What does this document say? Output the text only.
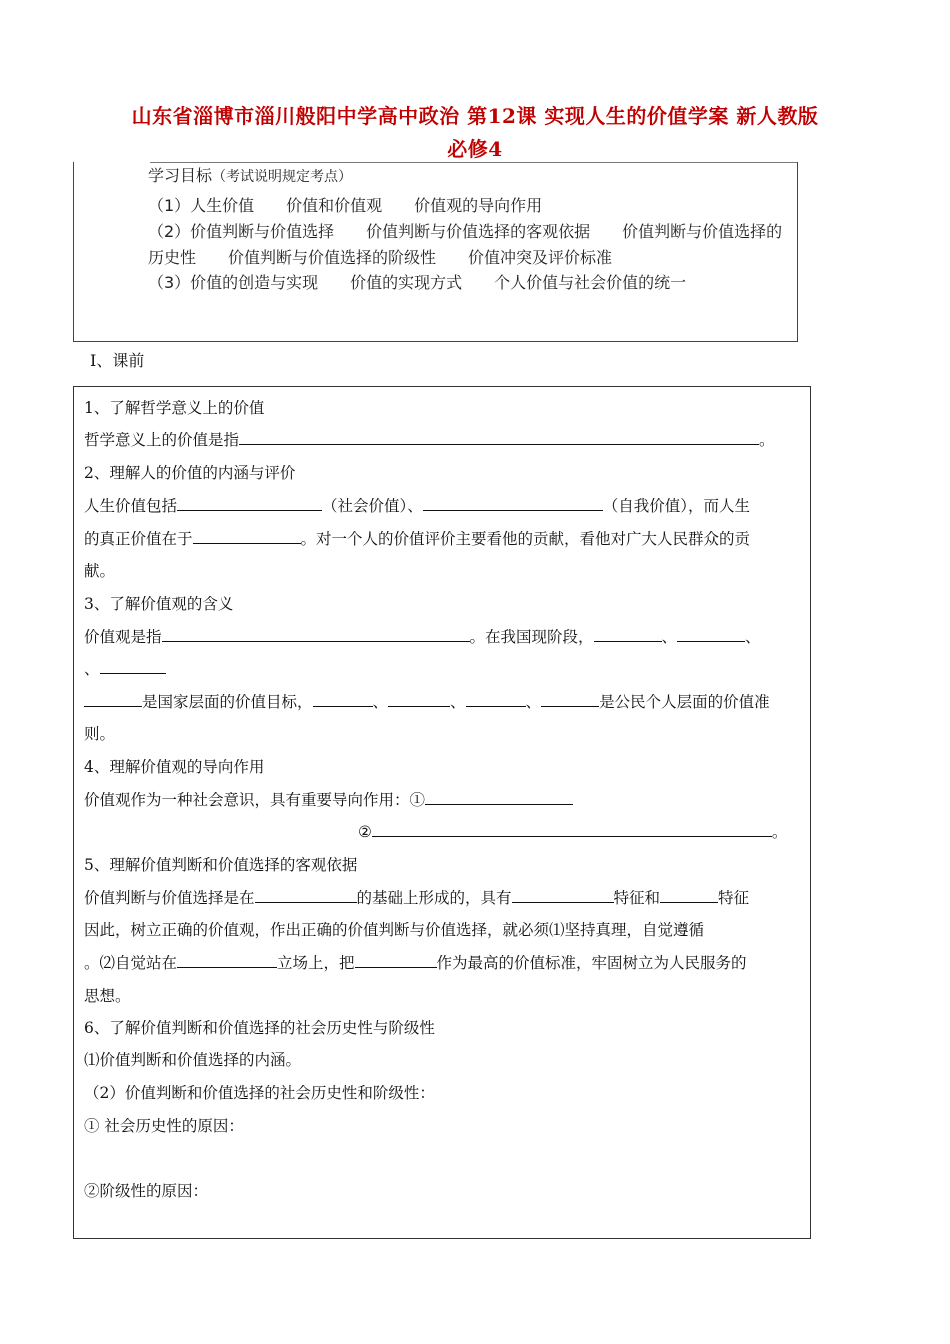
山东省淄博市淄川般阳中学高中政治 第12课 实现人生的价值学案 新人教版
必修4
学习目标（考试说明规定考点）
（1）人生价值　　价值和价值观　　价值观的导向作用
（2）价值判断与价值选择　　价值判断与价值选择的客观依据　　价值判断与价值选择的
历史性　　价值判断与价值选择的阶级性　　价值冲突及评价标准
（3）价值的创造与实现　　价值的实现方式　　个人价值与社会价值的统一
Ⅰ、课前
1、了解哲学意义上的价值
哲学意义上的价值是指	。
2、理解人的价值的内涵与评价
人生价值包括	（社会价值）、	（自我价值），而人生
的真正价值在于	。对一个人的价值评价主要看他的贡献，看他对广大人民群众的贡
献。
3、了解价值观的含义
价值观是指	。在我国现阶段，	、	、
、
是国家层面的价值目标，	、	、	、	是公民个人层面的价值准
则。
4、理解价值观的导向作用
价值观作为一种社会意识，具有重要导向作用：①
②	。
5、理解价值判断和价值选择的客观依据
价值判断与价值选择是在	的基础上形成的，具有	特征和	特征
因此，树立正确的价值观，作出正确的价值判断与价值选择，就必须⑴坚持真理，自觉遵循
。⑵自觉站在	立场上，把	作为最高的价值标准，牢固树立为人民服务的
思想。
6、了解价值判断和价值选择的社会历史性与阶级性
⑴价值判断和价值选择的内涵。
（2）价值判断和价值选择的社会历史性和阶级性：
① 社会历史性的原因：
②阶级性的原因：
